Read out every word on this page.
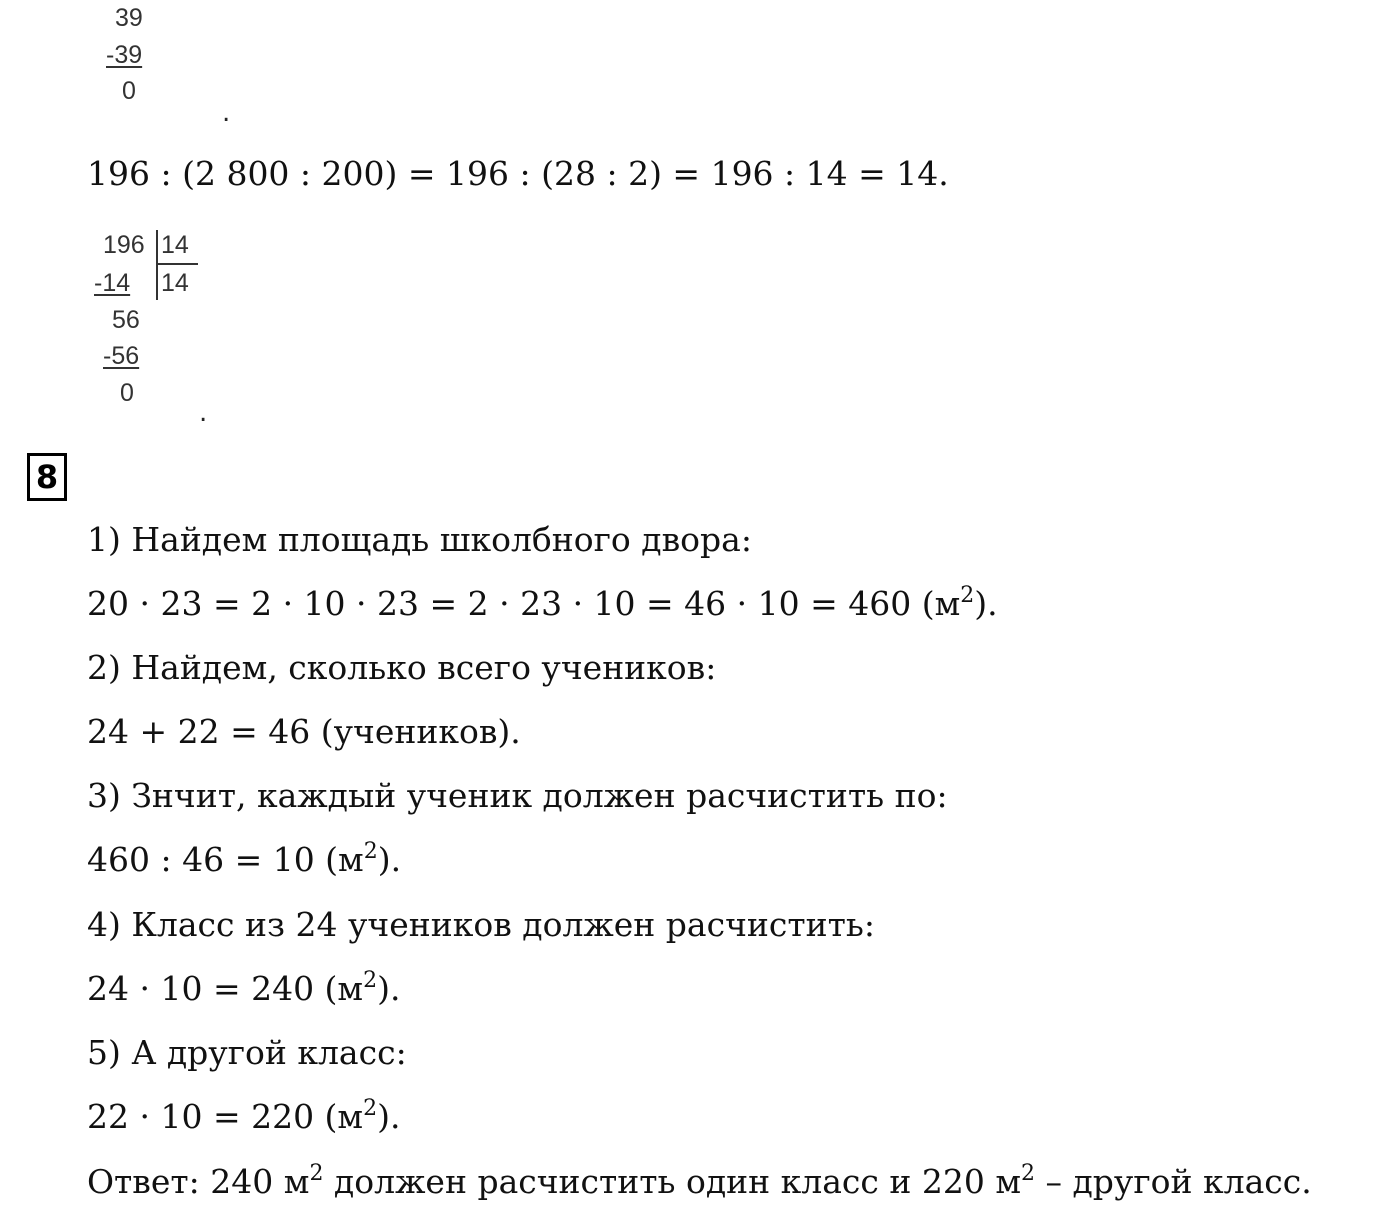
39
-39
0
.
196 : (2 800 : 200) = 196 : (28 : 2) = 196 : 14 = 14.
196 14
-14 14
56
-56
0
.
8
1) Найдем площадь школбного двора:
20 · 23 = 2 · 10 · 23 = 2 · 23 · 10 = 46 · 10 = 460 $(м^2)$.
2) Найдем, сколько всего учеников:
24 + 22 = 46 (учеников).
3) Знчит, каждый ученик должен расчистить по:
460 : 46 = 10 $(м^2)$.
4) Класс из 24 учеников должен расчистить:
24 · 10 = 240 $(м^2)$.
5) А другой класс:
22 · 10 = 220 $(м^2)$.
Ответ: 240 $м^2$ должен расчистить один класс и 220 $м^2$ – другой класс.
